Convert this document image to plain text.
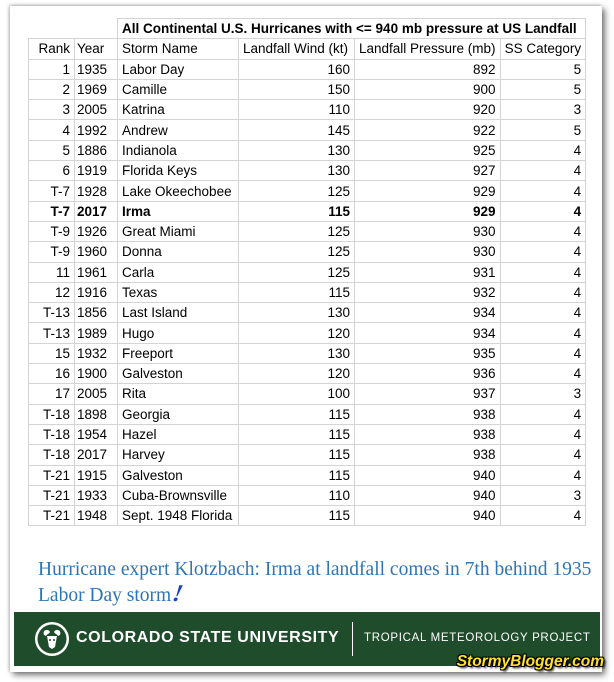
		All Continental U.S. Hurricanes with <= 940 mb pressure at US Landfall			
Rank	Year	Storm Name	Landfall Wind (kt)	Landfall Pressure (mb)	SS Category
1	1935	Labor Day	160	892	5
2	1969	Camille	150	900	5
3	2005	Katrina	110	920	3
4	1992	Andrew	145	922	5
5	1886	Indianola	130	925	4
6	1919	Florida Keys	130	927	4
T-7	1928	Lake Okeechobee	125	929	4
T-7	2017	Irma	115	929	4
T-9	1926	Great Miami	125	930	4
T-9	1960	Donna	125	930	4
11	1961	Carla	125	931	4
12	1916	Texas	115	932	4
T-13	1856	Last Island	130	934	4
T-13	1989	Hugo	120	934	4
15	1932	Freeport	130	935	4
16	1900	Galveston	120	936	4
17	2005	Rita	100	937	3
T-18	1898	Georgia	115	938	4
T-18	1954	Hazel	115	938	4
T-18	2017	Harvey	115	938	4
T-21	1915	Galveston	115	940	4
T-21	1933	Cuba-Brownsville	110	940	3
T-21	1948	Sept. 1948 Florida	115	940	4
Hurricane expert Klotzbach: Irma at landfall comes in 7th behind 1935 Labor Day storm!
COLORADO STATE UNIVERSITY TROPICAL METEOROLOGY PROJECT
StormyBlogger.com
